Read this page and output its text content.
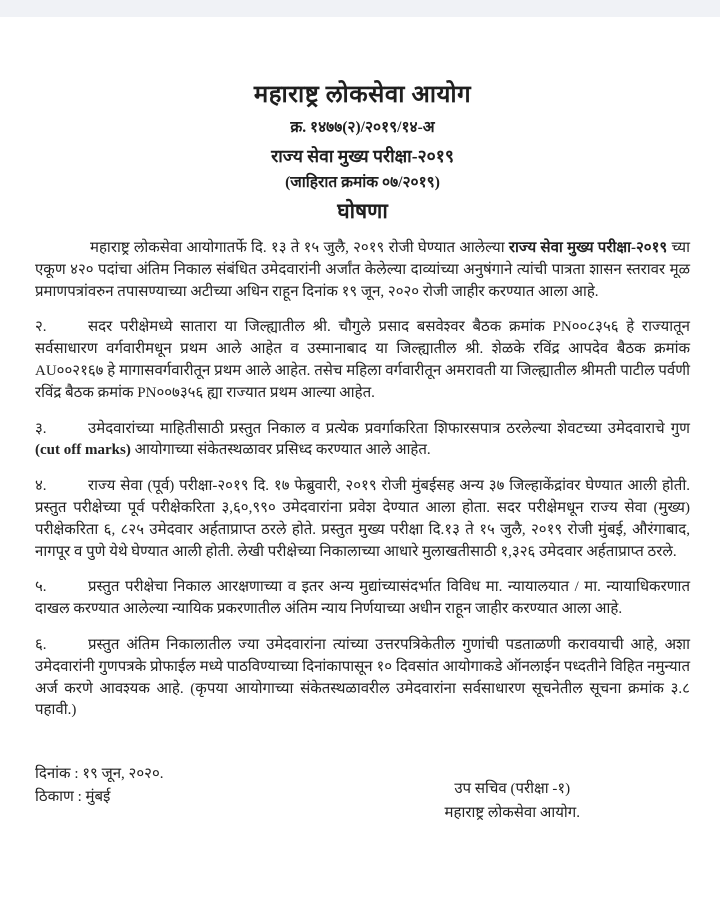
महाराष्ट्र लोकसेवा आयोग
क्र. १४७७(२)/२०१९/१४-अ
राज्य सेवा मुख्य परीक्षा-२०१९
(जाहिरात क्रमांक ०७/२०१९)
घोषणा

महाराष्ट्र लोकसेवा आयोगातर्फे दि. १३ ते १५ जुलै, २०१९ रोजी घेण्यात आलेल्या राज्य सेवा मुख्य परीक्षा-२०१९ च्या एकूण ४२० पदांचा अंतिम निकाल संबंधित उमेदवारांनी अर्जांत केलेल्या दाव्यांच्या अनुषंगाने त्यांची पात्रता शासन स्तरावर मूळ प्रमाणपत्रांवरुन तपासण्याच्या अटीच्या अधिन राहून दिनांक १९ जून, २०२० रोजी जाहीर करण्यात आला आहे.

२.	सदर परीक्षेमध्ये सातारा या जिल्ह्यातील श्री. चौगुले प्रसाद बसवेश्वर बैठक क्रमांक PN००८३५६ हे राज्यातून सर्वसाधारण वर्गवारीमधून प्रथम आले आहेत व उस्मानाबाद या जिल्ह्यातील श्री. शेळके रविंद्र आपदेव बैठक क्रमांक AU००२१६७ हे मागासवर्गवारीतून प्रथम आले आहेत. तसेच महिला वर्गवारीतून अमरावती या जिल्ह्यातील श्रीमती पाटील पर्वणी रविंद्र बैठक क्रमांक PN००७३५६ ह्या राज्यात प्रथम आल्या आहेत.

३.	उमेदवारांच्या माहितीसाठी प्रस्तुत निकाल व प्रत्येक प्रवर्गाकरिता शिफारसपात्र ठरलेल्या शेवटच्या उमेदवाराचे गुण (cut off marks) आयोगाच्या संकेतस्थळावर प्रसिध्द करण्यात आले आहेत.

४.	राज्य सेवा (पूर्व) परीक्षा-२०१९ दि. १७ फेब्रुवारी, २०१९ रोजी मुंबईसह अन्य ३७ जिल्हाकेंद्रांवर घेण्यात आली होती. प्रस्तुत परीक्षेच्या पूर्व परीक्षेकरिता ३,६०,९९० उमेदवारांना प्रवेश देण्यात आला होता. सदर परीक्षेमधून राज्य सेवा (मुख्य) परीक्षेकरिता ६, ८२५ उमेदवार अर्हताप्राप्त ठरले होते. प्रस्तुत मुख्य परीक्षा दि.१३ ते १५ जुलै, २०१९ रोजी मुंबई, औरंगाबाद, नागपूर व पुणे येथे घेण्यात आली होती. लेखी परीक्षेच्या निकालाच्या आधारे मुलाखतीसाठी १,३२६ उमेदवार अर्हताप्राप्त ठरले.

५.	प्रस्तुत परीक्षेचा निकाल आरक्षणाच्या व इतर अन्य मुद्यांच्यासंदर्भात विविध मा. न्यायालयात / मा. न्यायाधिकरणात दाखल करण्यात आलेल्या न्यायिक प्रकरणातील अंतिम न्याय निर्णयाच्या अधीन राहून जाहीर करण्यात आला आहे.

६.	प्रस्तुत अंतिम निकालातील ज्या उमेदवारांना त्यांच्या उत्तरपत्रिकेतील गुणांची पडताळणी करावयाची आहे, अशा उमेदवारांनी गुणपत्रके प्रोफाईल मध्ये पाठविण्याच्या दिनांकापासून १० दिवसांत आयोगाकडे ऑनलाईन पध्दतीने विहित नमुन्यात अर्ज करणे आवश्यक आहे. (कृपया आयोगाच्या संकेतस्थळावरील उमेदवारांना सर्वसाधारण सूचनेतील सूचना क्रमांक ३.८ पहावी.)

दिनांक : १९ जून, २०२०.
ठिकाण : मुंबई	उप सचिव (परीक्षा -१)
महाराष्ट्र लोकसेवा आयोग.
